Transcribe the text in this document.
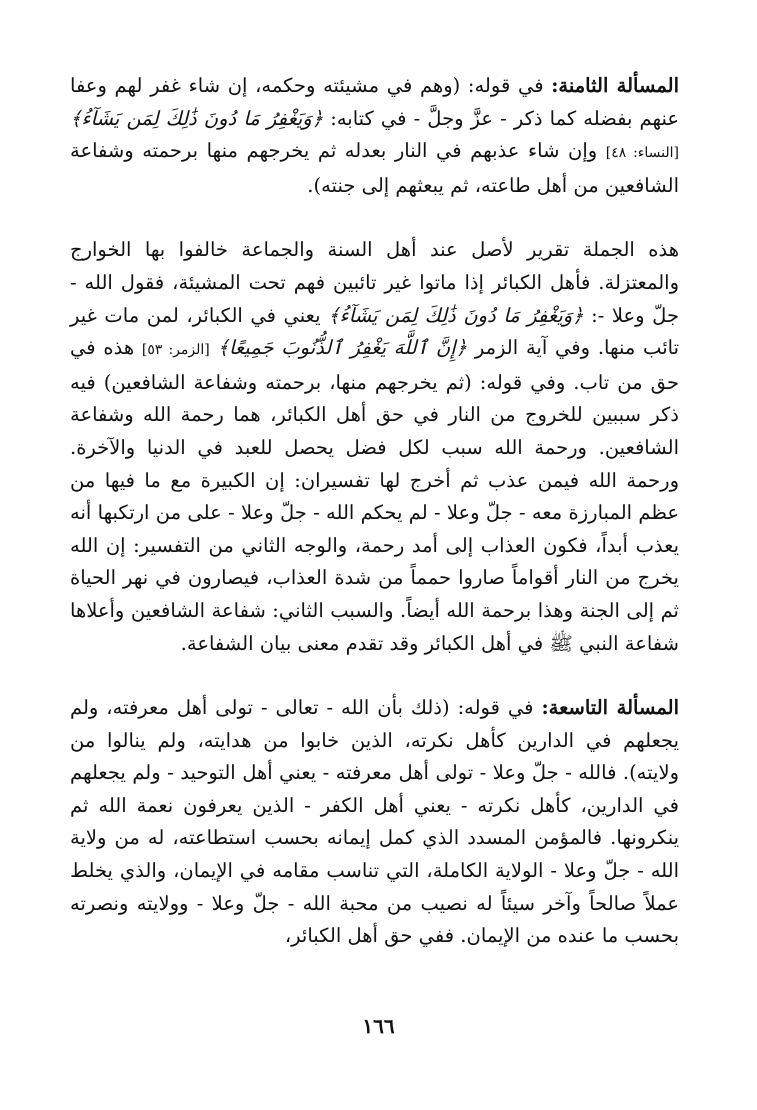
المسألة الثامنة: في قوله: (وهم في مشيئته وحكمه، إن شاء غفر لهم وعفا عنهم بفضله كما ذكر - عزَّ وجلَّ - في كتابه: ﴿وَيَغْفِرُ مَا دُونَ ذَٰلِكَ لِمَن يَشَآءُ﴾ [النساء: ٤٨] وإن شاء عذبهم في النار بعدله ثم يخرجهم منها برحمته وشفاعة الشافعين من أهل طاعته، ثم يبعثهم إلى جنته).

هذه الجملة تقرير لأصل عند أهل السنة والجماعة خالفوا بها الخوارج والمعتزلة. فأهل الكبائر إذا ماتوا غير تائبين فهم تحت المشيئة، فقول الله - جلّ وعلا -: ﴿وَيَغْفِرُ مَا دُونَ ذَٰلِكَ لِمَن يَشَآءُ﴾ يعني في الكبائر، لمن مات غير تائب منها. وفي آية الزمر ﴿إِنَّ ٱللَّهَ يَغْفِرُ ٱلذُّنُوبَ جَمِيعًا﴾ [الزمر: ٥٣] هذه في حق من تاب. وفي قوله: (ثم يخرجهم منها، برحمته وشفاعة الشافعين) فيه ذكر سببين للخروج من النار في حق أهل الكبائر، هما رحمة الله وشفاعة الشافعين. ورحمة الله سبب لكل فضل يحصل للعبد في الدنيا والآخرة. ورحمة الله فيمن عذب ثم أخرج لها تفسيران: إن الكبيرة مع ما فيها من عظم المبارزة معه - جلّ وعلا - لم يحكم الله - جلّ وعلا - على من ارتكبها أنه يعذب أبداً، فكون العذاب إلى أمد رحمة، والوجه الثاني من التفسير: إن الله يخرج من النار أقواماً صاروا حمماً من شدة العذاب، فيصارون في نهر الحياة ثم إلى الجنة وهذا برحمة الله أيضاً. والسبب الثاني: شفاعة الشافعين وأعلاها شفاعة النبي ﷺ في أهل الكبائر وقد تقدم معنى بيان الشفاعة.

المسألة التاسعة: في قوله: (ذلك بأن الله - تعالى - تولى أهل معرفته، ولم يجعلهم في الدارين كأهل نكرته، الذين خابوا من هدايته، ولم ينالوا من ولايته). فالله - جلّ وعلا - تولى أهل معرفته - يعني أهل التوحيد - ولم يجعلهم في الدارين، كأهل نكرته - يعني أهل الكفر - الذين يعرفون نعمة الله ثم ينكرونها. فالمؤمن المسدد الذي كمل إيمانه بحسب استطاعته، له من ولاية الله - جلّ وعلا - الولاية الكاملة، التي تناسب مقامه في الإيمان، والذي يخلط عملاً صالحاً وآخر سيئاً له نصيب من محبة الله - جلّ وعلا - وولايته ونصرته بحسب ما عنده من الإيمان. ففي حق أهل الكبائر،

١٦٦
